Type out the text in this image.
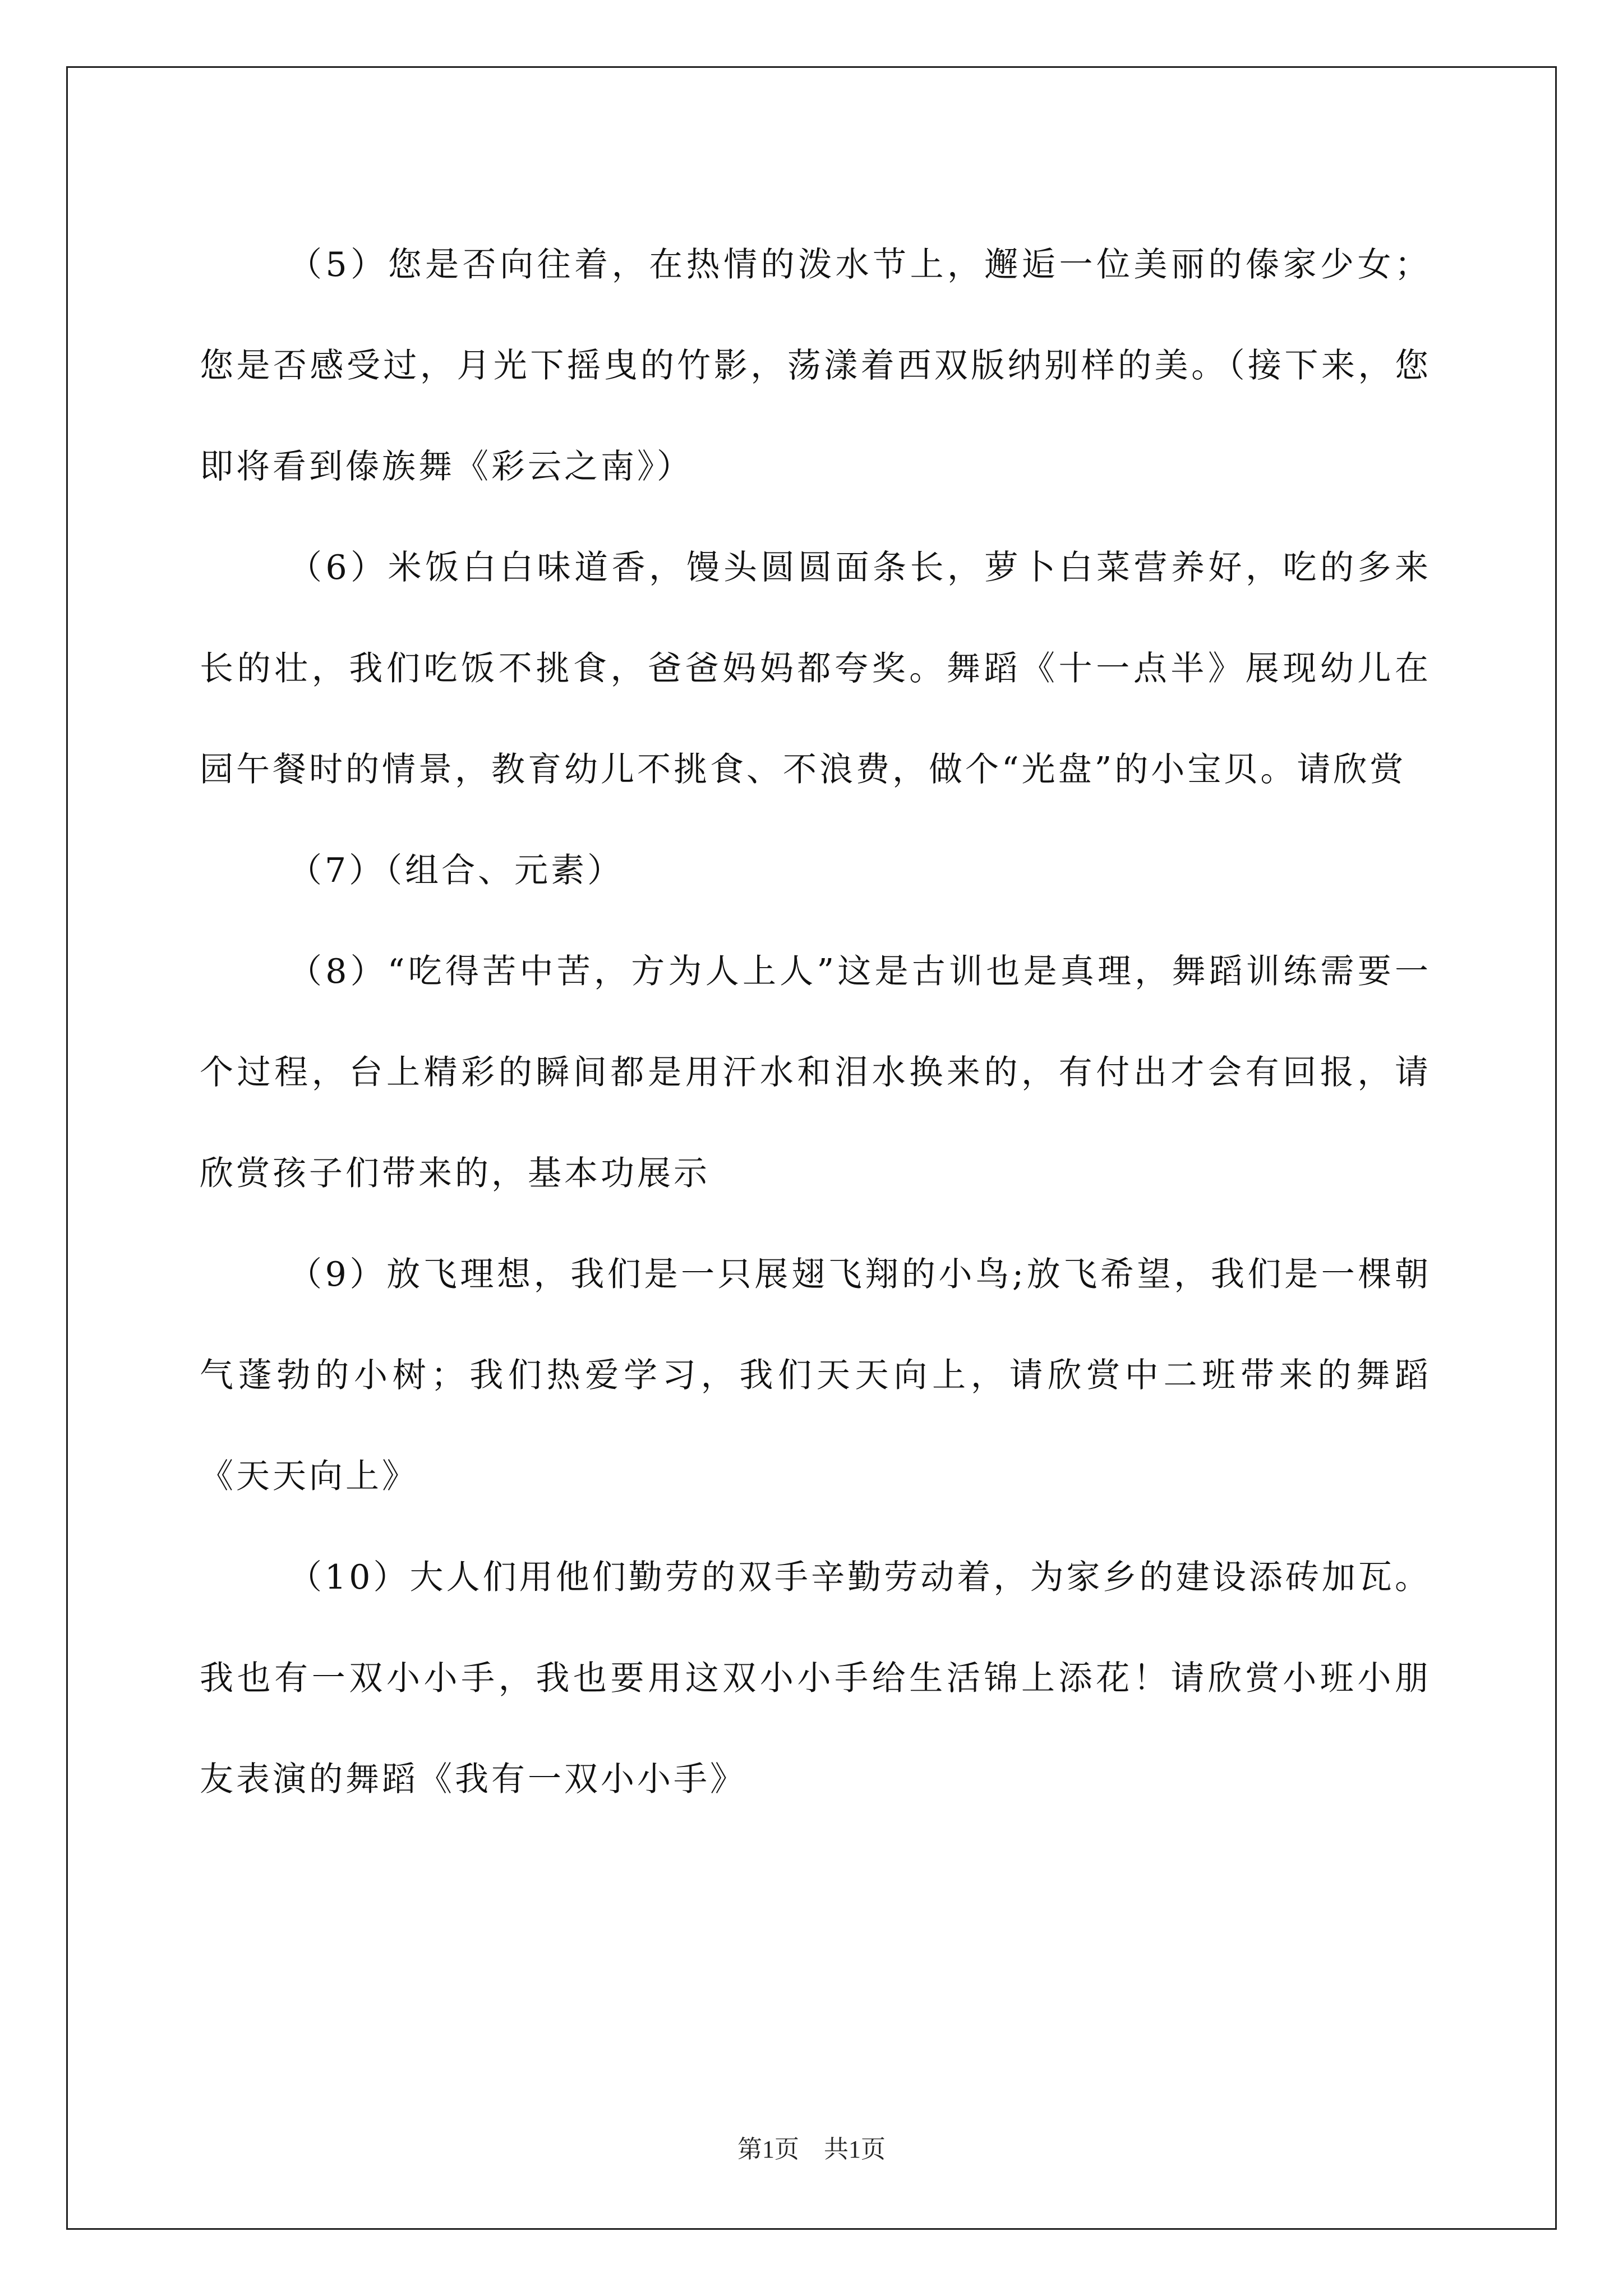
（5）您是否向往着，在热情的泼水节上，邂逅一位美丽的傣家少女；您是否感受过，月光下摇曳的竹影，荡漾着西双版纳别样的美。（接下来，您即将看到傣族舞《彩云之南》）

（6）米饭白白味道香，馒头圆圆面条长，萝卜白菜营养好，吃的多来长的壮，我们吃饭不挑食，爸爸妈妈都夸奖。舞蹈《十一点半》展现幼儿在园午餐时的情景，教育幼儿不挑食、不浪费，做个“光盘”的小宝贝。请欣赏

（7）（组合、元素）

（8）“吃得苦中苦，方为人上人”这是古训也是真理，舞蹈训练需要一个过程，台上精彩的瞬间都是用汗水和泪水换来的，有付出才会有回报，请欣赏孩子们带来的，基本功展示

（9）放飞理想，我们是一只展翅飞翔的小鸟;放飞希望，我们是一棵朝气蓬勃的小树；我们热爱学习，我们天天向上，请欣赏中二班带来的舞蹈《天天向上》

（10）大人们用他们勤劳的双手辛勤劳动着，为家乡的建设添砖加瓦。我也有一双小小手，我也要用这双小小手给生活锦上添花！请欣赏小班小朋友表演的舞蹈《我有一双小小手》

第1页　共1页
